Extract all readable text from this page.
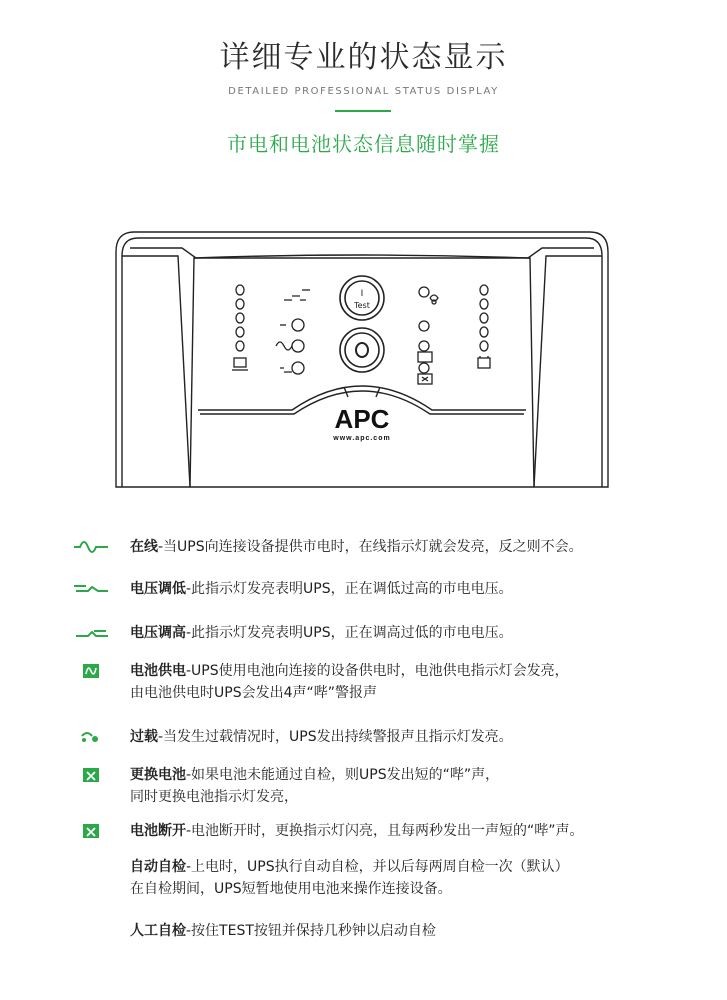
详细专业的状态显示
DETAILED PROFESSIONAL STATUS DISPLAY
市电和电池状态信息随时掌握
I
Test
APC
www.apc.com
在线-当UPS向连接设备提供市电时，在线指示灯就会发亮，反之则不会。
电压调低-此指示灯发亮表明UPS，正在调低过高的市电电压。
电压调高-此指示灯发亮表明UPS，正在调高过低的市电电压。
电池供电-UPS使用电池向连接的设备供电时，电池供电指示灯会发亮，
由电池供电时UPS会发出4声“哔”警报声
过载-当发生过载情况时，UPS发出持续警报声且指示灯发亮。
更换电池-如果电池未能通过自检，则UPS发出短的“哔”声，
同时更换电池指示灯发亮，
电池断开-电池断开时，更换指示灯闪亮，且每两秒发出一声短的“哔”声。
自动自检-上电时，UPS执行自动自检，并以后每两周自检一次（默认）
在自检期间，UPS短暂地使用电池来操作连接设备。
人工自检-按住TEST按钮并保持几秒钟以启动自检
